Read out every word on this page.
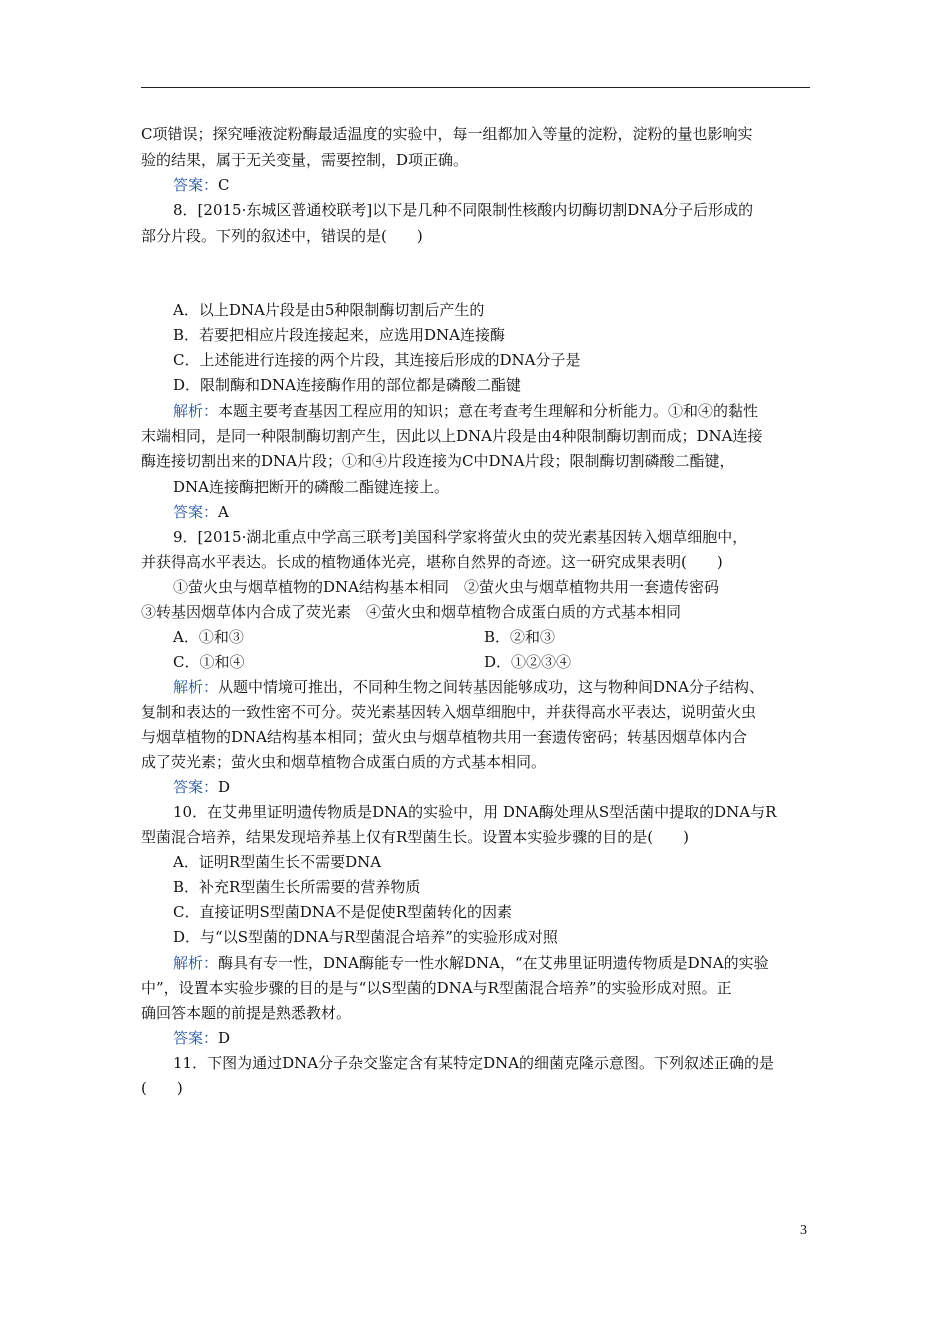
C项错误；探究唾液淀粉酶最适温度的实验中，每一组都加入等量的淀粉，淀粉的量也影响实
验的结果，属于无关变量，需要控制，D项正确。
答案：C
8．[2015·东城区普通校联考]以下是几种不同限制性核酸内切酶切割DNA分子后形成的
部分片段。下列的叙述中，错误的是(　　)
A．以上DNA片段是由5种限制酶切割后产生的
B．若要把相应片段连接起来，应选用DNA连接酶
C．上述能进行连接的两个片段，其连接后形成的DNA分子是
D．限制酶和DNA连接酶作用的部位都是磷酸二酯键
解析：本题主要考查基因工程应用的知识；意在考查考生理解和分析能力。①和④的黏性
末端相同，是同一种限制酶切割产生，因此以上DNA片段是由4种限制酶切割而成；DNA连接
酶连接切割出来的DNA片段；①和④片段连接为C中DNA片段；限制酶切割磷酸二酯键，
DNA连接酶把断开的磷酸二酯键连接上。
答案：A
9．[2015·湖北重点中学高三联考]美国科学家将萤火虫的荧光素基因转入烟草细胞中，
并获得高水平表达。长成的植物通体光亮，堪称自然界的奇迹。这一研究成果表明(　　)
①萤火虫与烟草植物的DNA结构基本相同　②萤火虫与烟草植物共用一套遗传密码
③转基因烟草体内合成了荧光素　④萤火虫和烟草植物合成蛋白质的方式基本相同
A．①和③	B．②和③
C．①和④	D．①②③④
解析：从题中情境可推出，不同种生物之间转基因能够成功，这与物种间DNA分子结构、
复制和表达的一致性密不可分。荧光素基因转入烟草细胞中，并获得高水平表达，说明萤火虫
与烟草植物的DNA结构基本相同；萤火虫与烟草植物共用一套遗传密码；转基因烟草体内合
成了荧光素；萤火虫和烟草植物合成蛋白质的方式基本相同。
答案：D
10．在艾弗里证明遗传物质是DNA的实验中，用 DNA酶处理从S型活菌中提取的DNA与R
型菌混合培养，结果发现培养基上仅有R型菌生长。设置本实验步骤的目的是(　　)
A．证明R型菌生长不需要DNA
B．补充R型菌生长所需要的营养物质
C．直接证明S型菌DNA不是促使R型菌转化的因素
D．与“以S型菌的DNA与R型菌混合培养”的实验形成对照
解析：酶具有专一性，DNA酶能专一性水解DNA，“在艾弗里证明遗传物质是DNA的实验
中”，设置本实验步骤的目的是与“以S型菌的DNA与R型菌混合培养”的实验形成对照。正
确回答本题的前提是熟悉教材。
答案：D
11．下图为通过DNA分子杂交鉴定含有某特定DNA的细菌克隆示意图。下列叙述正确的是
(　　)
3
